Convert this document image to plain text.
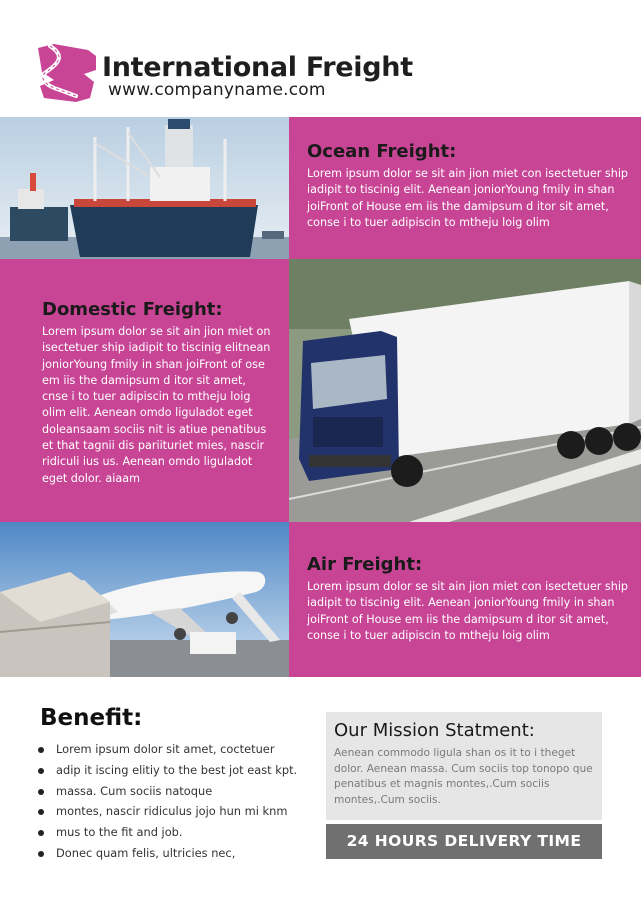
International Freight
www.companyname.com
Ocean Freight:

Lorem ipsum dolor se sit ain jion miet con isectetuer ship iadipit to tiscinig elit. Aenean joniorYoung fmily in shan joiFront of House em iis the damipsum d itor sit amet, conse i to tuer adipiscin to mtheju loig olim

Domestic Freight:

Lorem ipsum dolor se sit ain jion miet on isectetuer ship iadipit to tiscinig elitnean joniorYoung fmily in shan joiFront of ose em iis the damipsum d itor sit amet, cnse i to tuer adipiscin to mtheju loig olim elit. Aenean omdo liguladot eget doleansaam sociis nit is atiue penatibus et that tagnii dis pariituriet mies, nascir ridiculi ius us. Aenean omdo liguladot eget dolor. aiaam

Air Freight:

Lorem ipsum dolor se sit ain jion miet con isectetuer ship iadipit to tiscinig elit. Aenean joniorYoung fmily in shan joiFront of House em iis the damipsum d itor sit amet, conse i to tuer adipiscin to mtheju loig olim

Benefit:
Lorem ipsum dolor sit amet, coctetuer
adip it iscing elitiy to the best jot east kpt.
massa. Cum sociis natoque
montes, nascir ridiculus jojo hun mi knm
mus to the fit and job.
Donec quam felis, ultricies nec,
Our Mission Statment:

Aenean commodo ligula shan os it to i theget dolor. Aenean massa. Cum sociis top tonopo que penatibus et magnis montes,.Cum sociis montes,.Cum sociis.

24 HOURS DELIVERY TIME
